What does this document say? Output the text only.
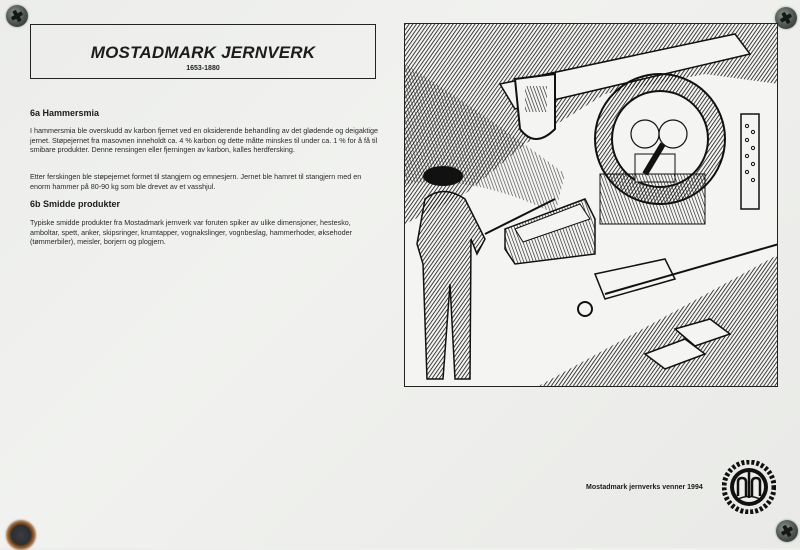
MOSTADMARK JERNVERK
1653-1880
6a Hammersmia
I hammersmia ble overskudd av karbon fjernet ved en oksiderende behandling av det glødende og deigaktige jernet. Støpejernet fra masovnen inneholdt ca. 4 % karbon og dette måtte minskes til under ca. 1 % for å få til smibare produkter. Denne rensingen eller fjerningen av karbon, kalles herdfersking.
Etter ferskingen ble støpejernet formet til stangjern og emnesjern. Jernet ble hamret til stangjern med en enorm hammer på 80-90 kg som ble drevet av et vasshjul.
6b Smidde produkter
Typiske smidde produkter fra Mostadmark jernverk var foruten spiker av ulike dimensjoner, hestesko, amboltar, spett, anker, skipsringer, krumtapper, vognakslinger, vognbeslag, hammerhoder, øksehoder (tømmerbiler), meisler, borjern og plogjern.
Mostadmark jernverks venner 1994
